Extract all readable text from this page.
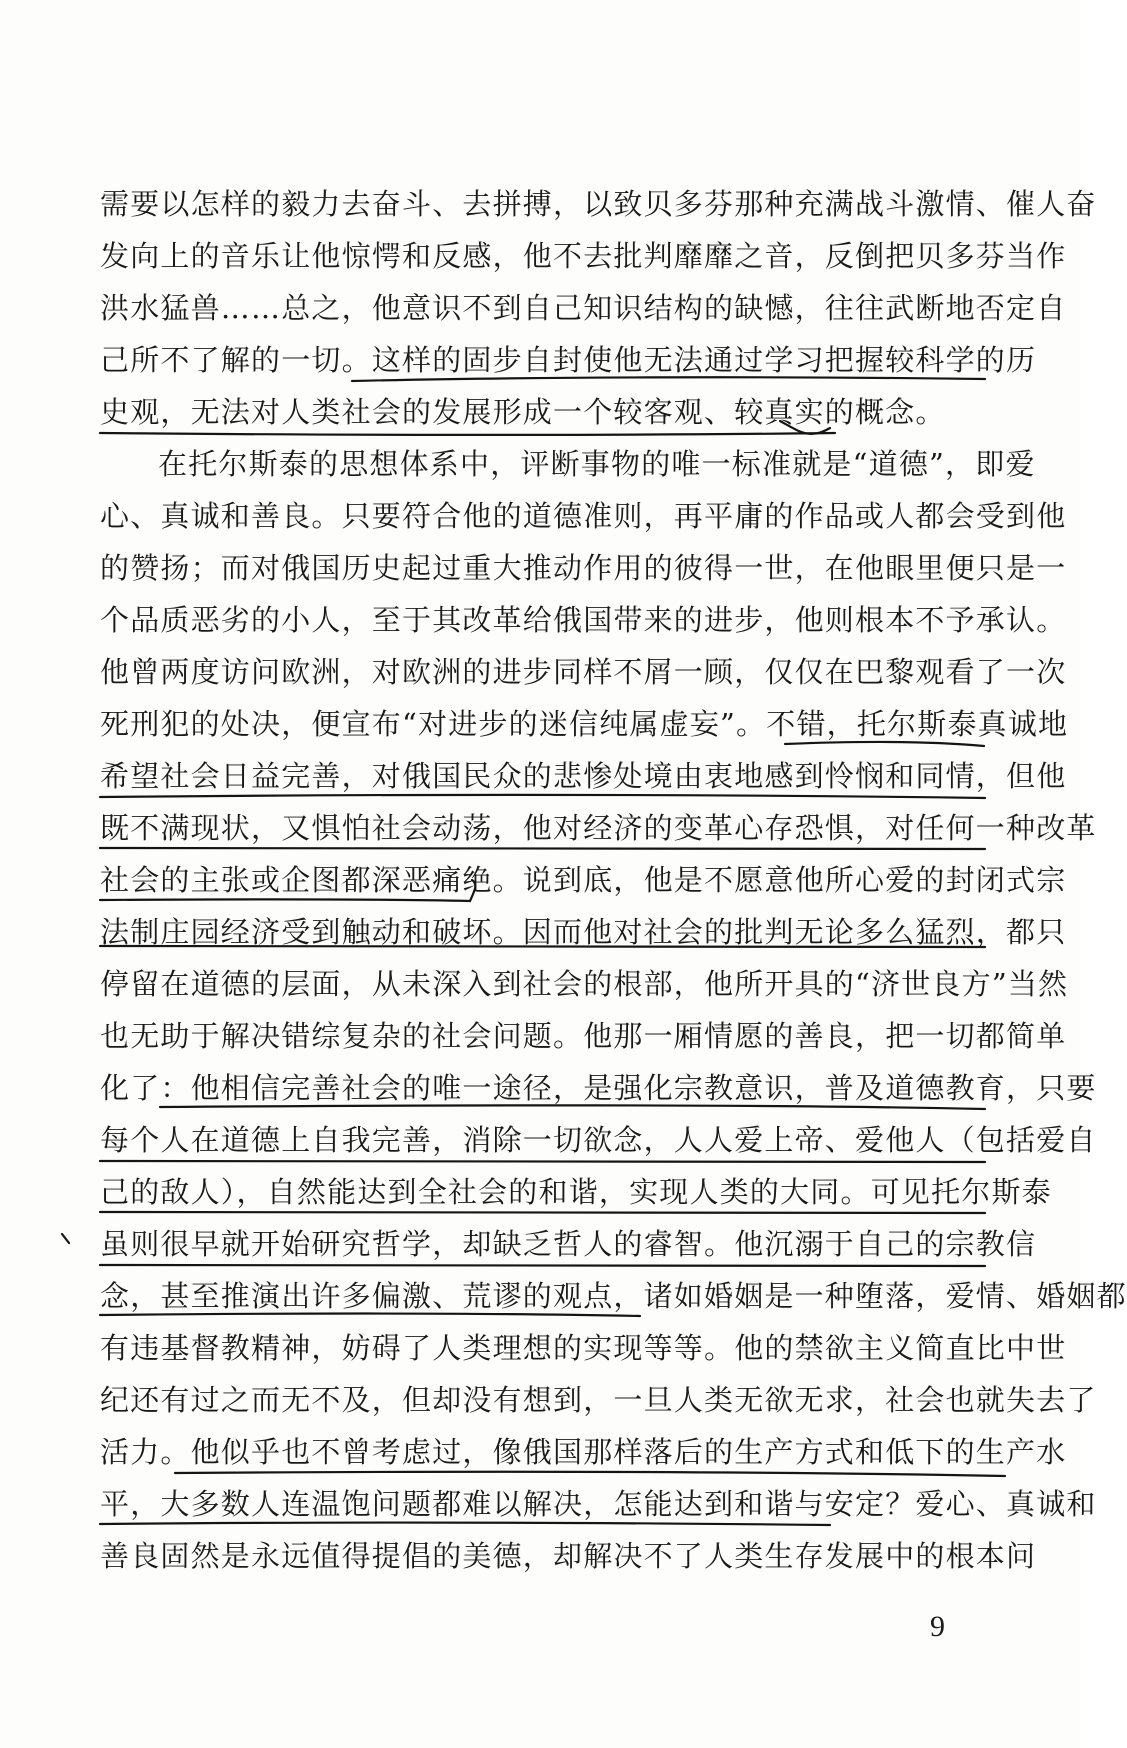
需要以怎样的毅力去奋斗、去拼搏，以致贝多芬那种充满战斗激情、催人奋
发向上的音乐让他惊愕和反感，他不去批判靡靡之音，反倒把贝多芬当作
洪水猛兽……总之，他意识不到自己知识结构的缺憾，往往武断地否定自
己所不了解的一切。这样的固步自封使他无法通过学习把握较科学的历
史观，无法对人类社会的发展形成一个较客观、较真实的概念。
在托尔斯泰的思想体系中，评断事物的唯一标准就是“道德”，即爱
心、真诚和善良。只要符合他的道德准则，再平庸的作品或人都会受到他
的赞扬；而对俄国历史起过重大推动作用的彼得一世，在他眼里便只是一
个品质恶劣的小人，至于其改革给俄国带来的进步，他则根本不予承认。
他曾两度访问欧洲，对欧洲的进步同样不屑一顾，仅仅在巴黎观看了一次
死刑犯的处决，便宣布“对进步的迷信纯属虚妄”。不错，托尔斯泰真诚地
希望社会日益完善，对俄国民众的悲惨处境由衷地感到怜悯和同情，但他
既不满现状，又惧怕社会动荡，他对经济的变革心存恐惧，对任何一种改革
社会的主张或企图都深恶痛绝。说到底，他是不愿意他所心爱的封闭式宗
法制庄园经济受到触动和破坏。因而他对社会的批判无论多么猛烈，都只
停留在道德的层面，从未深入到社会的根部，他所开具的“济世良方”当然
也无助于解决错综复杂的社会问题。他那一厢情愿的善良，把一切都简单
化了：他相信完善社会的唯一途径，是强化宗教意识，普及道德教育，只要
每个人在道德上自我完善，消除一切欲念，人人爱上帝、爱他人（包括爱自
己的敌人），自然能达到全社会的和谐，实现人类的大同。可见托尔斯泰
虽则很早就开始研究哲学，却缺乏哲人的睿智。他沉溺于自己的宗教信
念，甚至推演出许多偏激、荒谬的观点，诸如婚姻是一种堕落，爱情、婚姻都
有违基督教精神，妨碍了人类理想的实现等等。他的禁欲主义简直比中世
纪还有过之而无不及，但却没有想到，一旦人类无欲无求，社会也就失去了
活力。他似乎也不曾考虑过，像俄国那样落后的生产方式和低下的生产水
平，大多数人连温饱问题都难以解决，怎能达到和谐与安定？爱心、真诚和
善良固然是永远值得提倡的美德，却解决不了人类生存发展中的根本问
9
